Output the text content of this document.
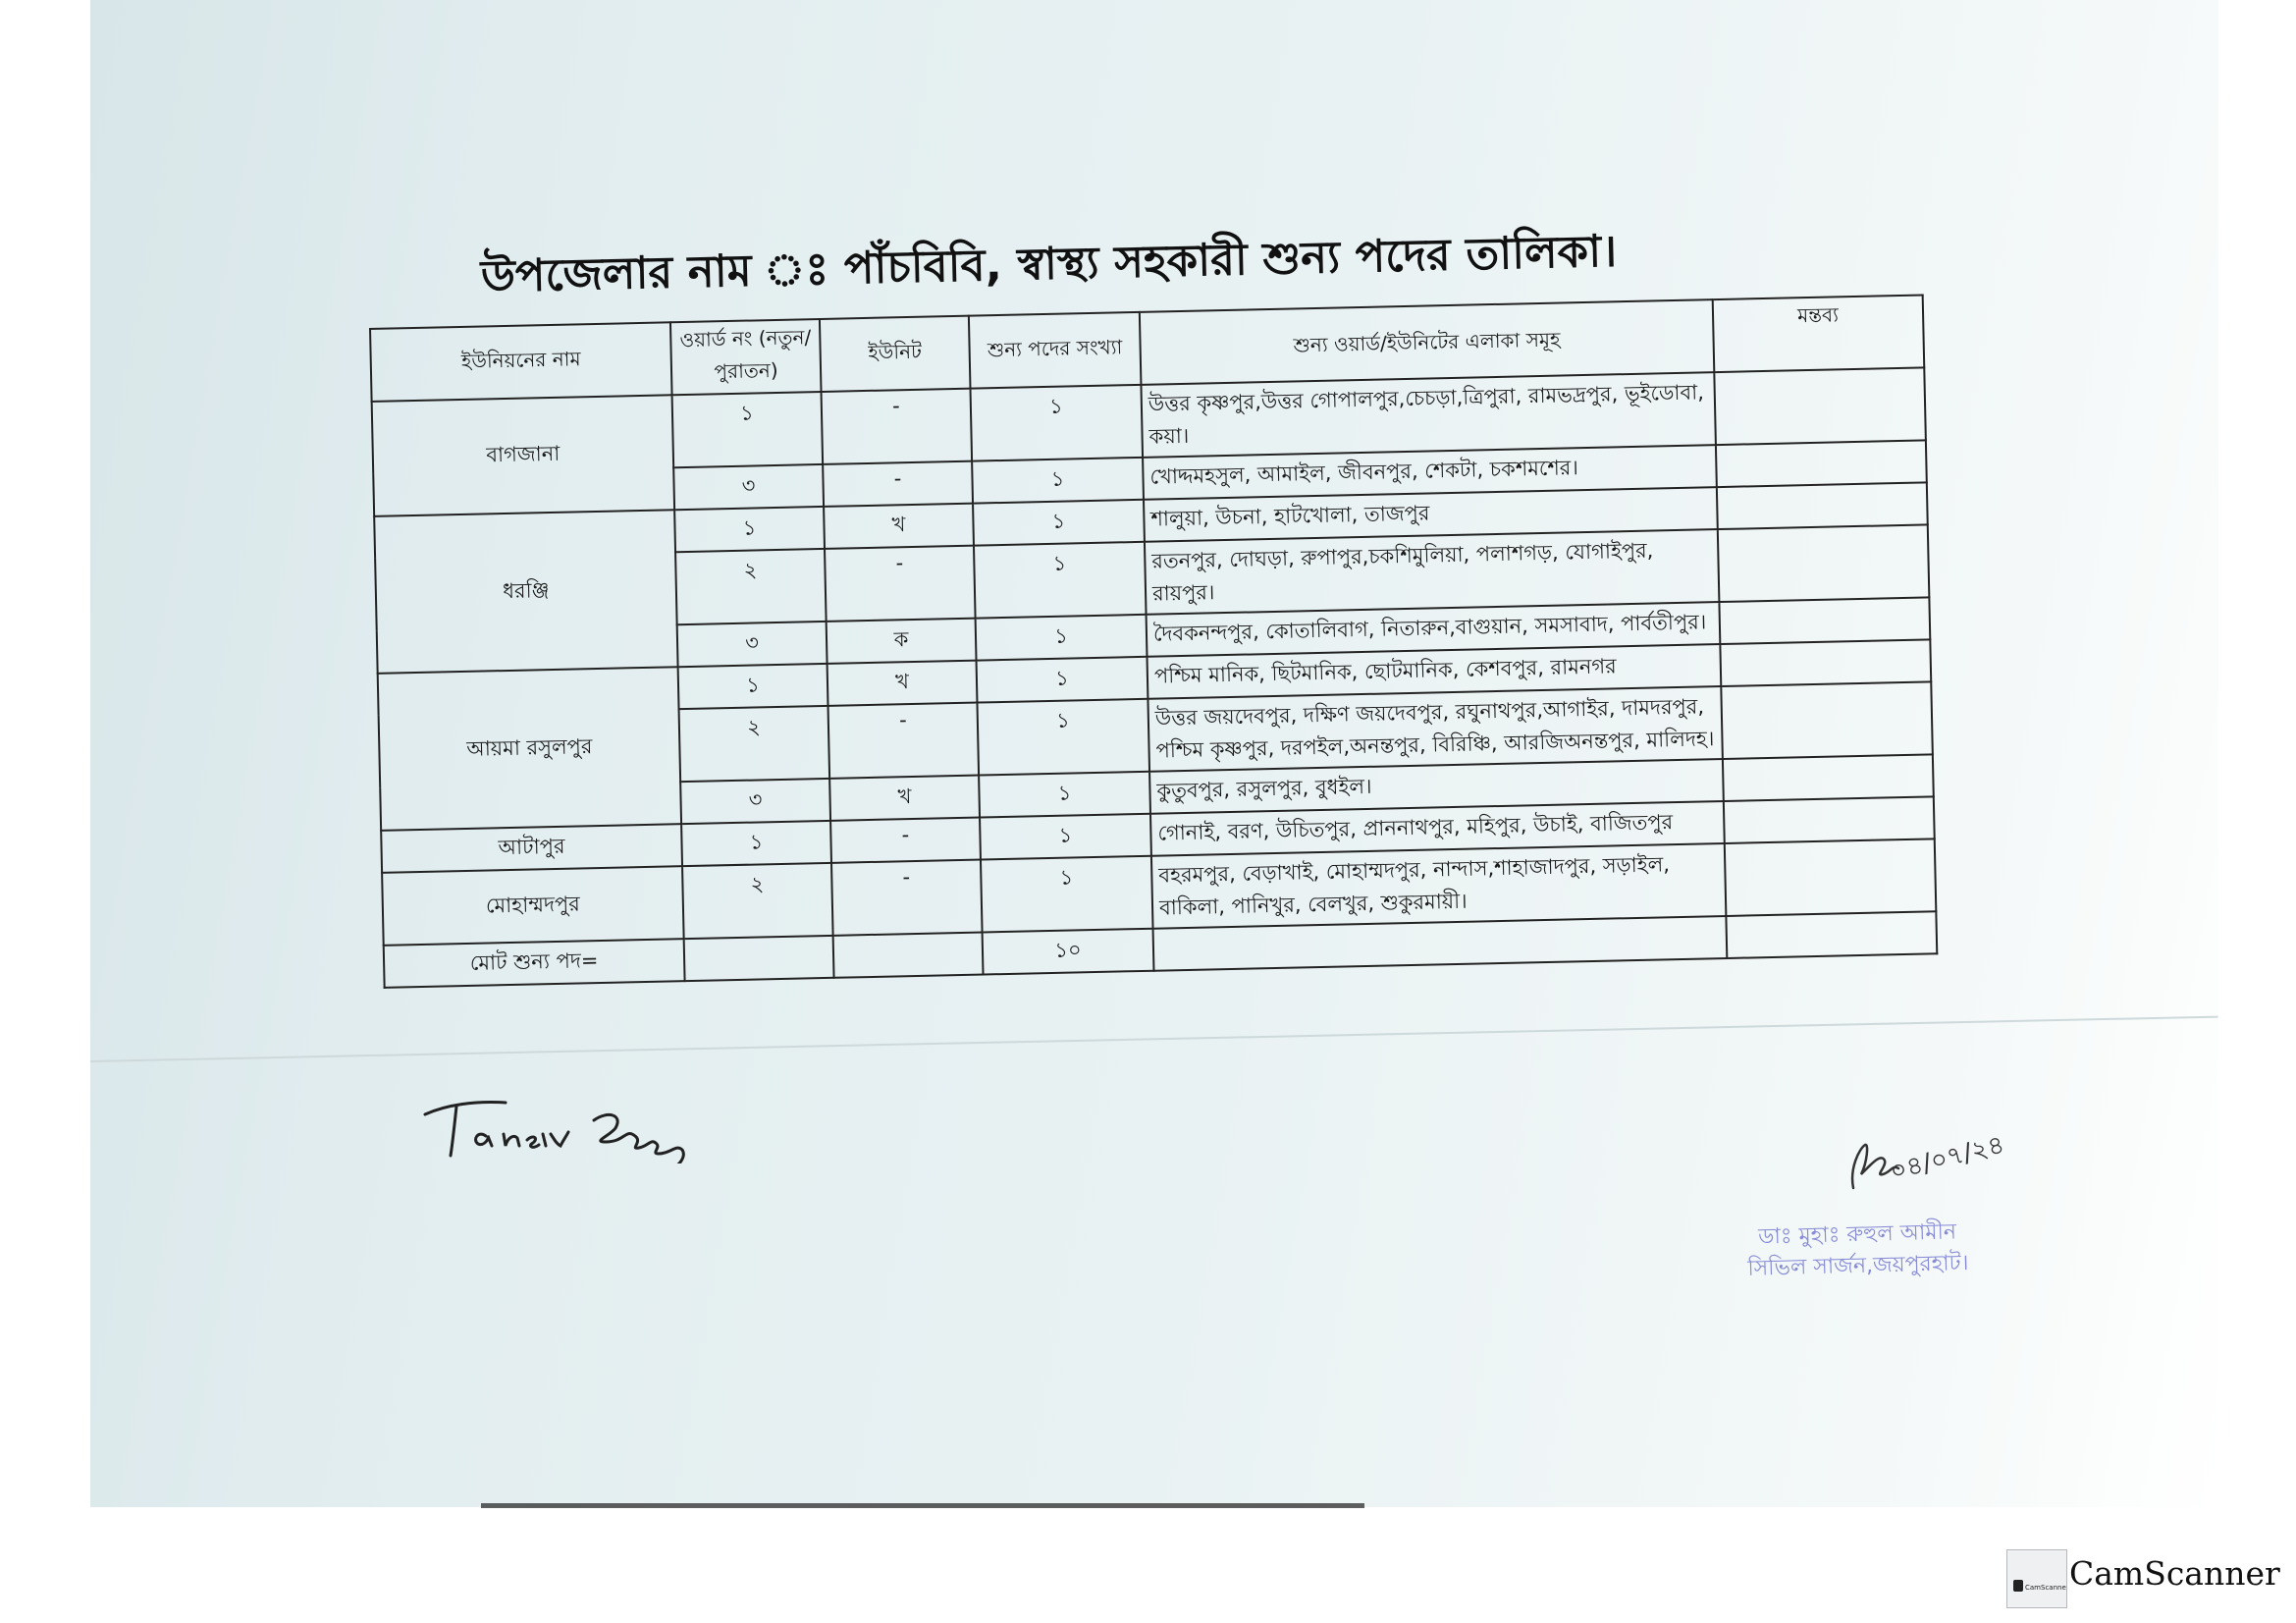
উপজেলার নাম ঃ পাঁচবিবি, স্বাস্থ্য সহকারী শুন্য পদের তালিকা।
ইউনিয়নের নাম	ওয়ার্ড নং (নতুন/পুরাতন)	ইউনিট	শুন্য পদের সংখ্যা	শুন্য ওয়ার্ড/ইউনিটের এলাকা সমূহ	মন্তব্য
বাগজানা	১	-	১	উত্তর কৃষ্ণপুর,উত্তর গোপালপুর,চেচড়া,ত্রিপুরা, রামভদ্রপুর, ভূইডোবা, কয়া।	
	৩	-	১	খোদ্দমহসুল, আমাইল, জীবনপুর, শেকটা, চকশমশের।	
ধরঞ্জি	১	খ	১	শালুয়া, উচনা, হাটখোলা, তাজপুর	
	২	-	১	রতনপুর, দোঘড়া, রুপাপুর,চকশিমুলিয়া, পলাশগড়, যোগাইপুর, রায়পুর।	
	৩	ক	১	দৈবকনন্দপুর, কোতালিবাগ, নিতারুন,বাগুয়ান, সমসাবাদ, পার্বতীপুর।	
আয়মা রসুলপুর	১	খ	১	পশ্চিম মানিক, ছিটমানিক, ছোটমানিক, কেশবপুর, রামনগর	
	২	-	১	উত্তর জয়দেবপুর, দক্ষিণ জয়দেবপুর, রঘুনাথপুর,আগাইর, দামদরপুর, পশ্চিম কৃষ্ণপুর, দরপইল,অনন্তপুর, বিরিঞ্চি, আরজিঅনন্তপুর, মালিদহ।	
	৩	খ	১	কুতুবপুর, রসুলপুর, বুধইল।	
আটাপুর	১	-	১	গোনাই, বরণ, উচিতপুর, প্রাননাথপুর, মহিপুর, উচাই, বাজিতপুর	
মোহাম্মদপুর	২	-	১	বহরমপুর, বেড়াখাই, মোহাম্মদপুর, নান্দাস,শাহাজাদপুর, সড়াইল, বাকিলা, পানিখুর, বেলখুর, শুকুরমায়ী।	
মোট শুন্য পদ=			১০		
০৪/০৭/২৪
ডাঃ মুহাঃ রুহুল আমীন
সিভিল সার্জন,জয়পুরহাট।
CamScanner CamScanner
